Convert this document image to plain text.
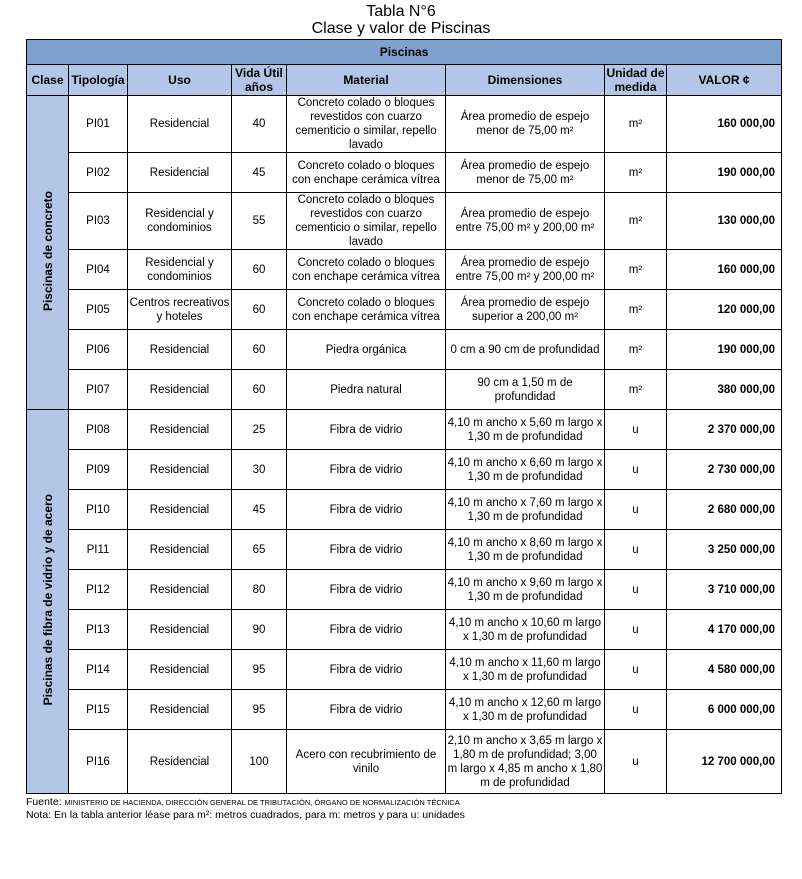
Tabla N°6
Clase y valor de Piscinas
Piscinas							
Clase	Tipología	Uso	Vida Útil años	Material	Dimensiones	Unidad de medida	VALOR ¢
Piscinas de concreto	PI01	Residencial	40	Concreto colado o bloques revestidos con cuarzo cementicio o similar, repello lavado	Área promedio de espejo menor de 75,00 m²	m²	160 000,00
	PI02	Residencial	45	Concreto colado o bloques con enchape cerámica vítrea	Área promedio de espejo menor de 75,00 m²	m²	190 000,00
	PI03	Residencial y condominios	55	Concreto colado o bloques revestidos con cuarzo cementicio o similar, repello lavado	Área promedio de espejo entre 75,00 m² y 200,00 m²	m²	130 000,00
	PI04	Residencial y condominios	60	Concreto colado o bloques con enchape cerámica vítrea	Área promedio de espejo entre 75,00 m² y 200,00 m²	m²	160 000,00
	PI05	Centros recreativos y hoteles	60	Concreto colado o bloques con enchape cerámica vítrea	Área promedio de espejo superior a 200,00 m²	m²	120 000,00
	PI06	Residencial	60	Piedra orgánica	0 cm a 90 cm de profundidad	m²	190 000,00
	PI07	Residencial	60	Piedra natural	90 cm a 1,50 m de profundidad	m²	380 000,00
Piscinas de fibra de vidrio y de acero	PI08	Residencial	25	Fibra de vidrio	4,10 m ancho x 5,60 m largo x 1,30 m de profundidad	u	2 370 000,00
	PI09	Residencial	30	Fibra de vidrio	4,10 m ancho x 6,60 m largo x 1,30 m de profundidad	u	2 730 000,00
	PI10	Residencial	45	Fibra de vidrio	4,10 m ancho x 7,60 m largo x 1,30 m de profundidad	u	2 680 000,00
	PI11	Residencial	65	Fibra de vidrio	4,10 m ancho x 8,60 m largo x 1,30 m de profundidad	u	3 250 000,00
	PI12	Residencial	80	Fibra de vidrio	4,10 m ancho x 9,60 m largo x 1,30 m de profundidad	u	3 710 000,00
	PI13	Residencial	90	Fibra de vidrio	4,10 m ancho x 10,60 m largo x 1,30 m de profundidad	u	4 170 000,00
	PI14	Residencial	95	Fibra de vidrio	4,10 m ancho x 11,60 m largo x 1,30 m de profundidad	u	4 580 000,00
	PI15	Residencial	95	Fibra de vidrio	4,10 m ancho x 12,60 m largo x 1,30 m de profundidad	u	6 000 000,00
	PI16	Residencial	100	Acero con recubrimiento de vinilo	2,10 m ancho x 3,65 m largo x 1,80 m de profundidad; 3,00 m largo x 4,85 m ancho x 1,80 m de profundidad	u	12 700 000,00
Fuente: MINISTERIO DE HACIENDA, DIRECCIÓN GENERAL DE TRIBUTACIÓN, ÓRGANO DE NORMALIZACIÓN TÉCNICA
Nota: En la tabla anterior léase para m²: metros cuadrados, para m: metros y para u: unidades
